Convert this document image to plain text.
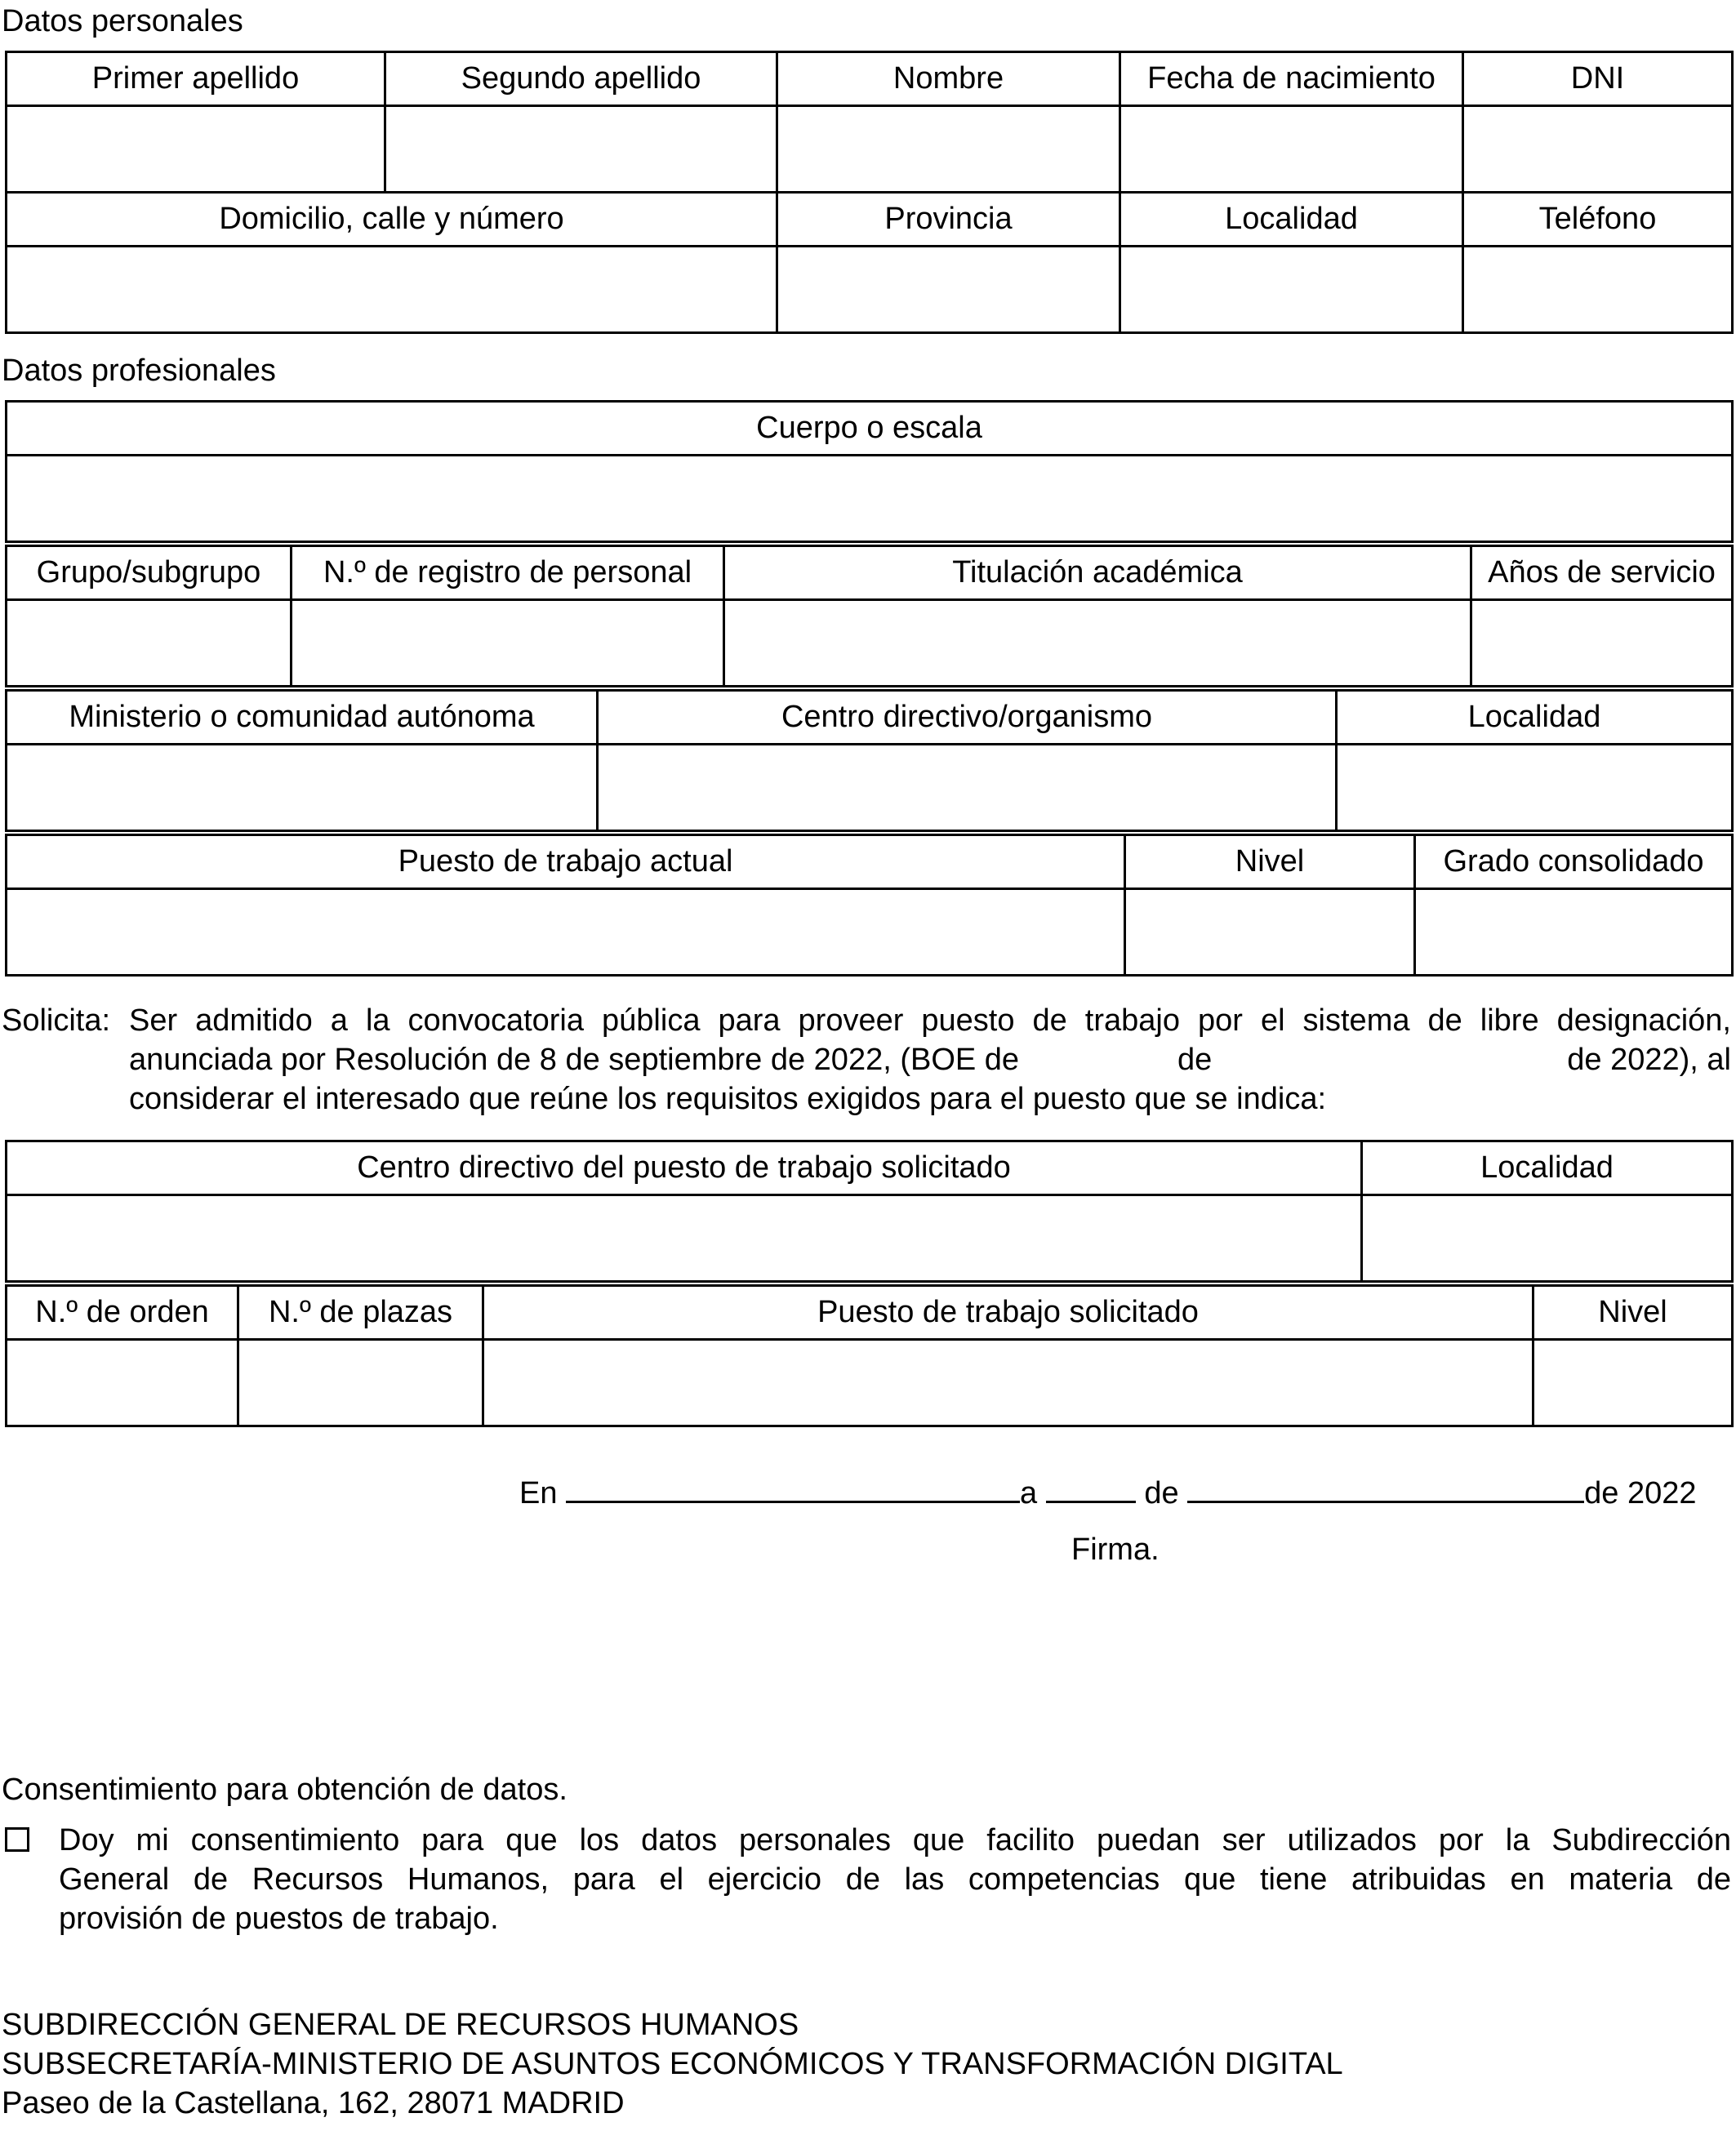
Datos personales
Primer apellido	Segundo apellido	Nombre	Fecha de nacimiento	DNI

Domicilio, calle y número		Provincia	Localidad	Teléfono

Datos profesionales
Cuerpo o escala

Grupo/subgrupo	N.º de registro de personal	Titulación académica	Años de servicio

Ministerio o comunidad autónoma	Centro directivo/organismo	Localidad

Puesto de trabajo actual	Nivel	Grado consolidado

Solicita: Ser admitido a la convocatoria pública para proveer puesto de trabajo por el sistema de libre designación,
anunciada por Resolución de 8 de septiembre de 2022, (BOE de	de	de 2022), al
considerar el interesado que reúne los requisitos exigidos para el puesto que se indica:
Centro directivo del puesto de trabajo solicitado	Localidad

N.º de orden	N.º de plazas	Puesto de trabajo solicitado	Nivel

En	a	de	de 2022
Firma.
Consentimiento para obtención de datos.
Doy mi consentimiento para que los datos personales que facilito puedan ser utilizados por la Subdirección
General de Recursos Humanos, para el ejercicio de las competencias que tiene atribuidas en materia de
provisión de puestos de trabajo.
SUBDIRECCIÓN GENERAL DE RECURSOS HUMANOS
SUBSECRETARÍA-MINISTERIO DE ASUNTOS ECONÓMICOS Y TRANSFORMACIÓN DIGITAL
Paseo de la Castellana, 162, 28071 MADRID
